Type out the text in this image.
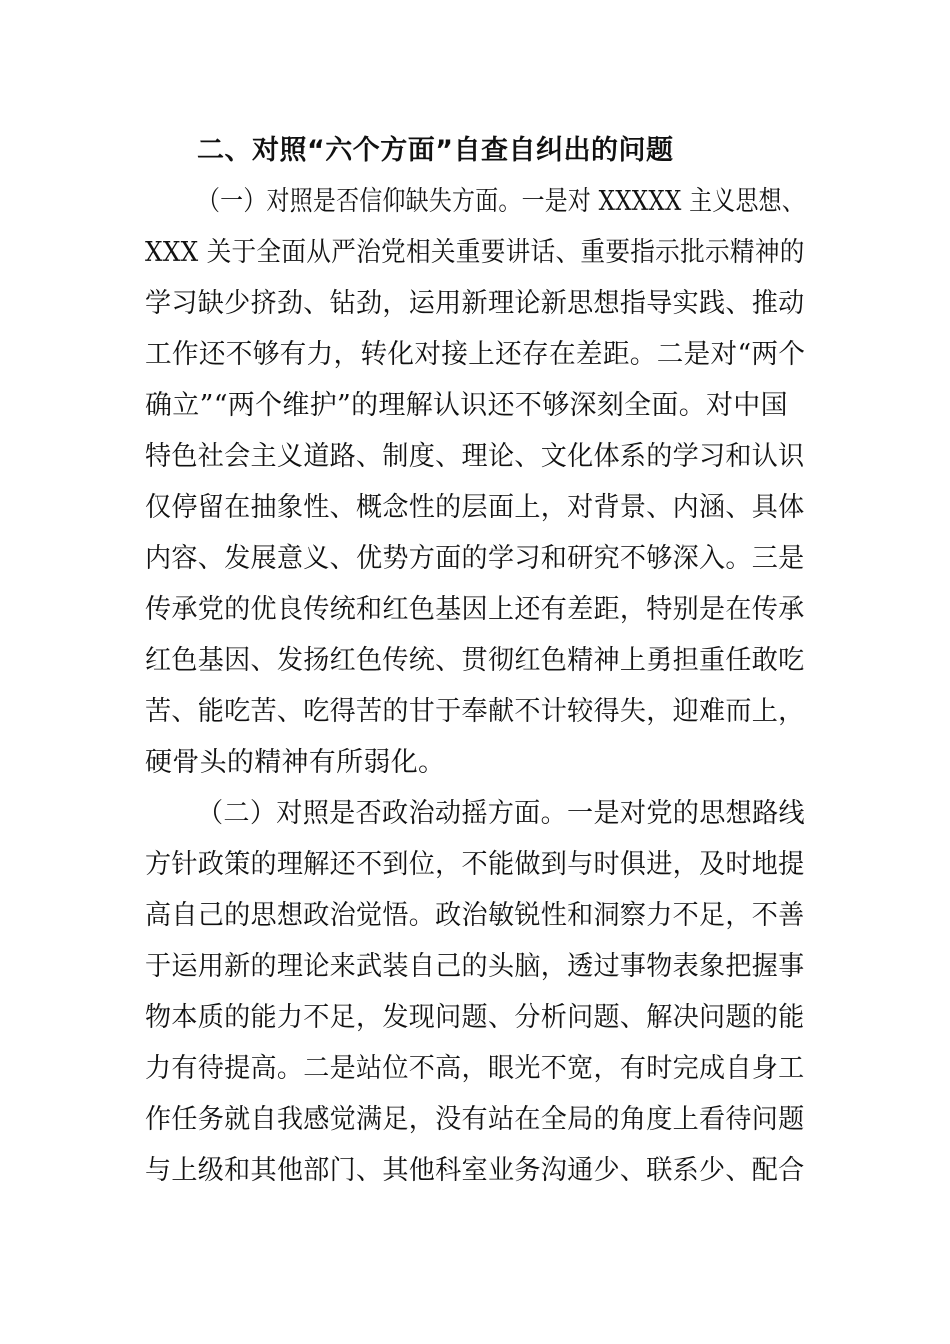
二、对照“六个方面”自查自纠出的问题
（一）对照是否信仰缺失方面。一是对 XXXXX 主义思想、
XXX 关于全面从严治党相关重要讲话、重要指示批示精神的
学习缺少挤劲、钻劲，运用新理论新思想指导实践、推动
工作还不够有力，转化对接上还存在差距。二是对“两个
确立”“两个维护”的理解认识还不够深刻全面。对中国
特色社会主义道路、制度、理论、文化体系的学习和认识
仅停留在抽象性、概念性的层面上，对背景、内涵、具体
内容、发展意义、优势方面的学习和研究不够深入。三是
传承党的优良传统和红色基因上还有差距，特别是在传承
红色基因、发扬红色传统、贯彻红色精神上勇担重任敢吃
苦、能吃苦、吃得苦的甘于奉献不计较得失，迎难而上，
硬骨头的精神有所弱化。
（二）对照是否政治动摇方面。一是对党的思想路线
方针政策的理解还不到位，不能做到与时俱进，及时地提
高自己的思想政治觉悟。政治敏锐性和洞察力不足，不善
于运用新的理论来武装自己的头脑，透过事物表象把握事
物本质的能力不足，发现问题、分析问题、解决问题的能
力有待提高。二是站位不高，眼光不宽，有时完成自身工
作任务就自我感觉满足，没有站在全局的角度上看待问题
与上级和其他部门、其他科室业务沟通少、联系少、配合
